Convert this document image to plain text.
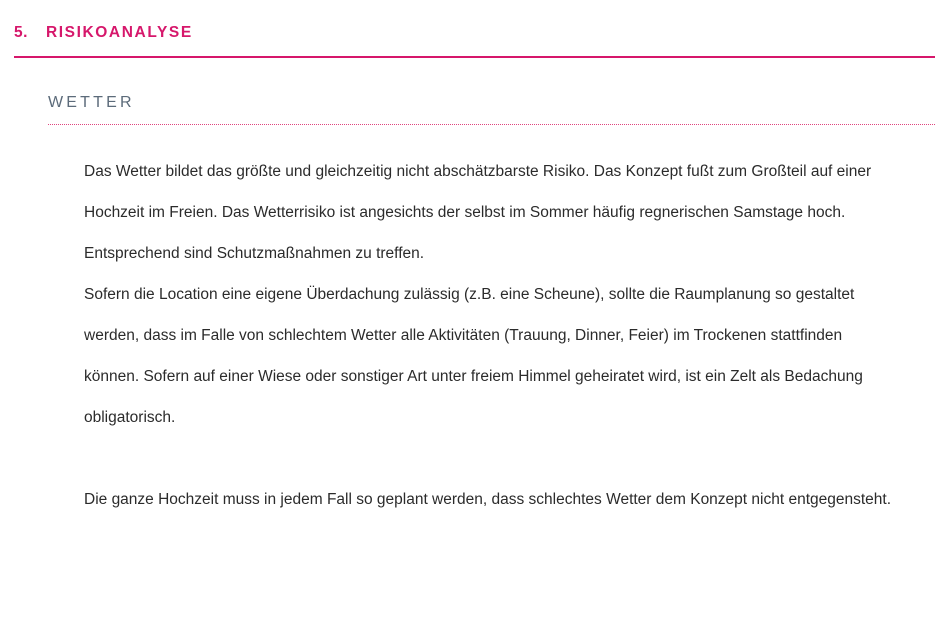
5. RISIKOANALYSE
WETTER

Das Wetter bildet das größte und gleichzeitig nicht abschätzbarste Risiko. Das Konzept fußt zum Großteil auf einer Hochzeit im Freien. Das Wetterrisiko ist angesichts der selbst im Sommer häufig regnerischen Samstage hoch. Entsprechend sind Schutzmaßnahmen zu treffen.

Sofern die Location eine eigene Überdachung zulässig (z.B. eine Scheune), sollte die Raumplanung so gestaltet werden, dass im Falle von schlechtem Wetter alle Aktivitäten (Trauung, Dinner, Feier) im Trockenen stattfinden können. Sofern auf einer Wiese oder sonstiger Art unter freiem Himmel geheiratet wird, ist ein Zelt als Bedachung obligatorisch.

Die ganze Hochzeit muss in jedem Fall so geplant werden, dass schlechtes Wetter dem Konzept nicht entgegensteht.
